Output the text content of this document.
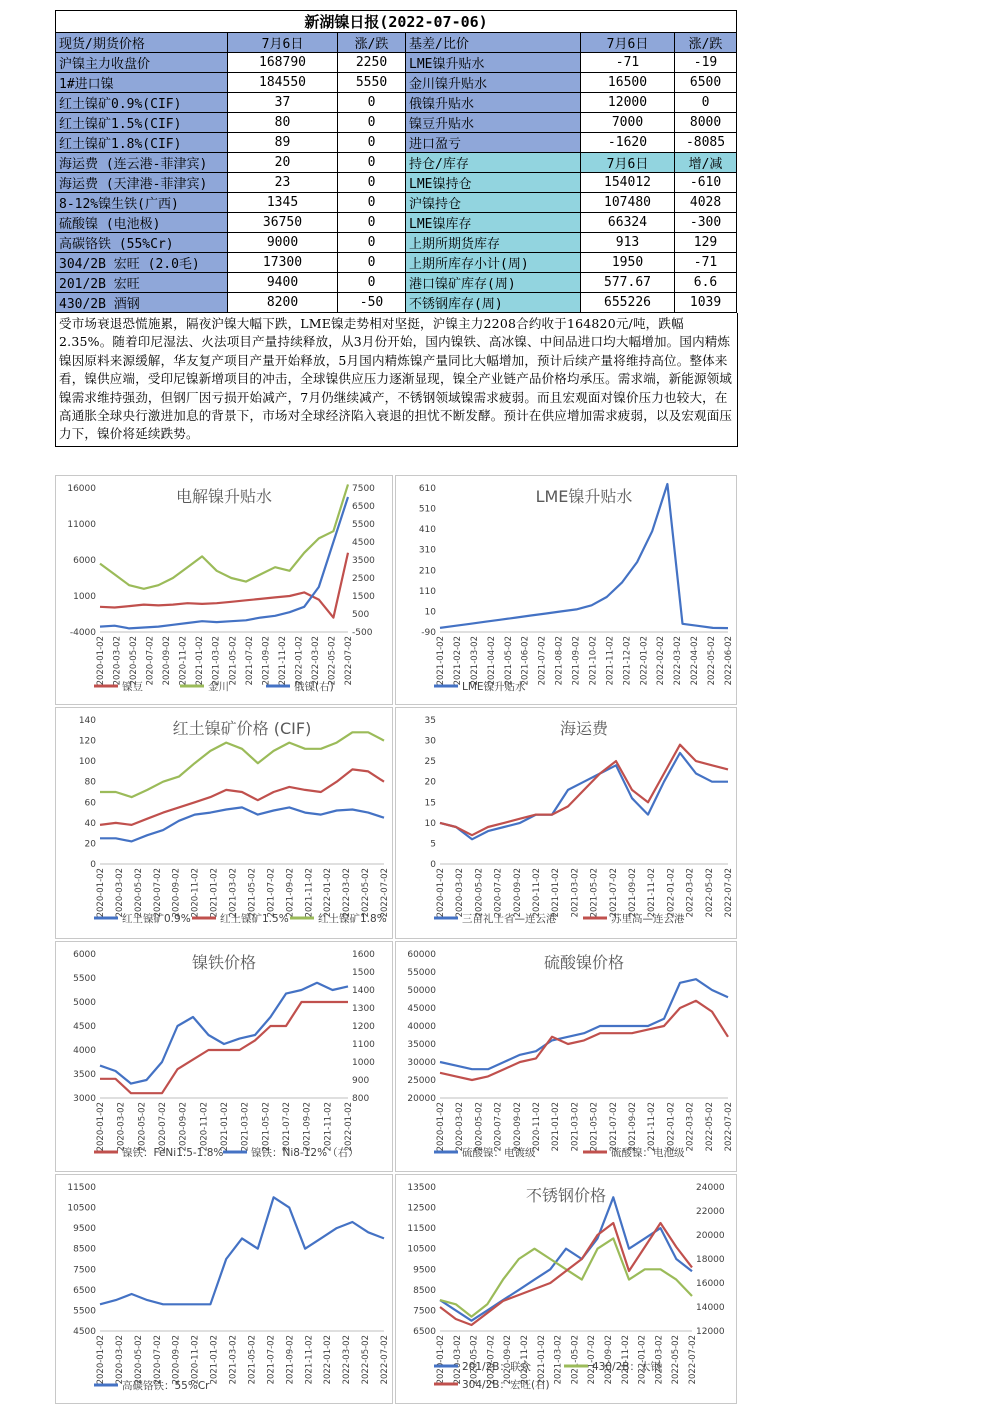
新湖镍日报(2022-07-06)					
现货/期货价格	7月6日	涨/跌	基差/比价	7月6日	涨/跌
沪镍主力收盘价	168790	2250	LME镍升贴水	-71	-19
1#进口镍	184550	5550	金川镍升贴水	16500	6500
红土镍矿0.9%(CIF)	37	0	俄镍升贴水	12000	0
红土镍矿1.5%(CIF)	80	0	镍豆升贴水	7000	8000
红土镍矿1.8%(CIF)	89	0	进口盈亏	-1620	-8085
海运费 (连云港-菲津宾)	20	0	持仓/库存	7月6日	增/减
海运费 (天津港-菲津宾)	23	0	LME镍持仓	154012	-610
8-12%镍生铁(广西)	1345	0	沪镍持仓	107480	4028
硫酸镍 (电池极)	36750	0	LME镍库存	66324	-300
高碳铬铁 (55%Cr)	9000	0	上期所期货库存	913	129
304/2B 宏旺 (2.0毛)	17300	0	上期所库存小计(周)	1950	-71
201/2B 宏旺	9400	0	港口镍矿库存(周)	577.67	6.6
430/2B 酒钢	8200	-50	不锈钢库存(周)	655226	1039
受市场衰退恐慌施累，隔夜沪镍大幅下跌，LME镍走势相对坚挺，沪镍主力2208合约收于164820元/吨，跌幅2.35%。随着印尼湿法、火法项目产量持续释放，从3月份开始，国内镍铁、高冰镍、中间品进口均大幅增加。国内精炼镍因原料来源缓解，华友复产项目产量开始释放，5月国内精炼镍产量同比大幅增加，预计后续产量将维持高位。整体来看，镍供应端，受印尼镍新增项目的冲击，全球镍供应压力逐渐显现，镍全产业链产品价格均承压。需求端，新能源领域镍需求维持强劲，但钢厂因亏损开始减产，7月仍继续减产，不锈钢领域镍需求疲弱。而且宏观面对镍价压力也较大，在高通胀全球央行激进加息的背景下，市场对全球经济陷入衰退的担忧不断发酵。预计在供应增加需求疲弱，以及宏观面压力下，镍价将延续跌势。
电解镍升贴水
-4000
1000
6000
11000
16000
-500
500
1500
2500
3500
4500
5500
6500
7500
2020-01-02 2020-03-02 2020-05-02 2020-07-02 2020-09-02 2020-11-02 2021-01-02 2021-03-02 2021-05-02 2021-07-02 2021-09-02 2021-11-02 2022-01-02 2022-03-02 2022-05-02 2022-07-02
镍豆	金川	俄镍(右)
LME镍升贴水
-90
10
110
210
310
410
510
610
2021-01-02 2021-02-02 2021-03-02 2021-04-02 2021-05-02 2021-06-02 2021-07-02 2021-08-02 2021-09-02 2021-10-02 2021-11-02 2021-12-02 2022-01-02 2022-02-02 2022-03-02 2022-04-02 2022-05-02 2022-06-02
LME镍升贴水
红土镍矿价格 (CIF)
0
20
40
60
80
100
120
140
2020-01-02 2020-03-02 2020-05-02 2020-07-02 2020-09-02 2020-11-02 2021-01-02 2021-03-02 2021-05-02 2021-07-02 2021-09-02 2021-11-02 2022-01-02 2022-03-02 2022-05-02 2022-07-02
红土镍矿0.9%	红土镍矿1.5%	红土镍矿1.8%
海运费
0
5
10
15
20
25
30
35
2020-01-02 2020-03-02 2020-05-02 2020-07-02 2020-09-02 2020-11-02 2021-01-02 2021-03-02 2021-05-02 2021-07-02 2021-09-02 2021-11-02 2022-01-02 2022-03-02 2022-05-02 2022-07-02
三苗礼士省—连云港	苏里高—连云港
镍铁价格
3000
3500
4000
4500
5000
5500
6000
800
900
1000
1100
1200
1300
1400
1500
1600
2020-01-02 2020-03-02 2020-05-02 2020-07-02 2020-09-02 2020-11-02 2021-01-02 2021-03-02 2021-05-02 2021-07-02 2021-09-02 2021-11-02 2022-01-02
镍铁：FeNi1.5-1.8%	镍铁：Ni8-12%（右）
硫酸镍价格
20000
25000
30000
35000
40000
45000
50000
55000
60000
2020-01-02 2020-03-02 2020-05-02 2020-07-02 2020-09-02 2020-11-02 2021-01-02 2021-03-02 2021-05-02 2021-07-02 2021-09-02 2021-11-02 2022-01-02 2022-03-02 2022-05-02 2022-07-02
硫酸镍：电镀级	硫酸镍：电池级
4500
5500
6500
7500
8500
9500
10500
11500
2020-01-02 2020-03-02 2020-05-02 2020-07-02 2020-09-02 2020-11-02 2021-01-02 2021-03-02 2021-05-02 2021-07-02 2021-09-02 2021-11-02 2022-01-02 2022-03-02 2022-05-02 2022-07-02
高碳铬铁：55%Cr
不锈钢价格
6500
7500
8500
9500
10500
11500
12500
13500
12000
14000
16000
18000
20000
22000
24000
2020-01-02 2020-03-02 2020-05-02 2020-07-02 2020-09-02 2020-11-02 2021-01-02 2021-03-02 2021-05-02 2021-07-02 2021-09-02 2021-11-02 2022-01-02 2022-03-02 2022-05-02 2022-07-02
201/2B：联众	430/2B：太钢
304/2B：宏旺(右)
